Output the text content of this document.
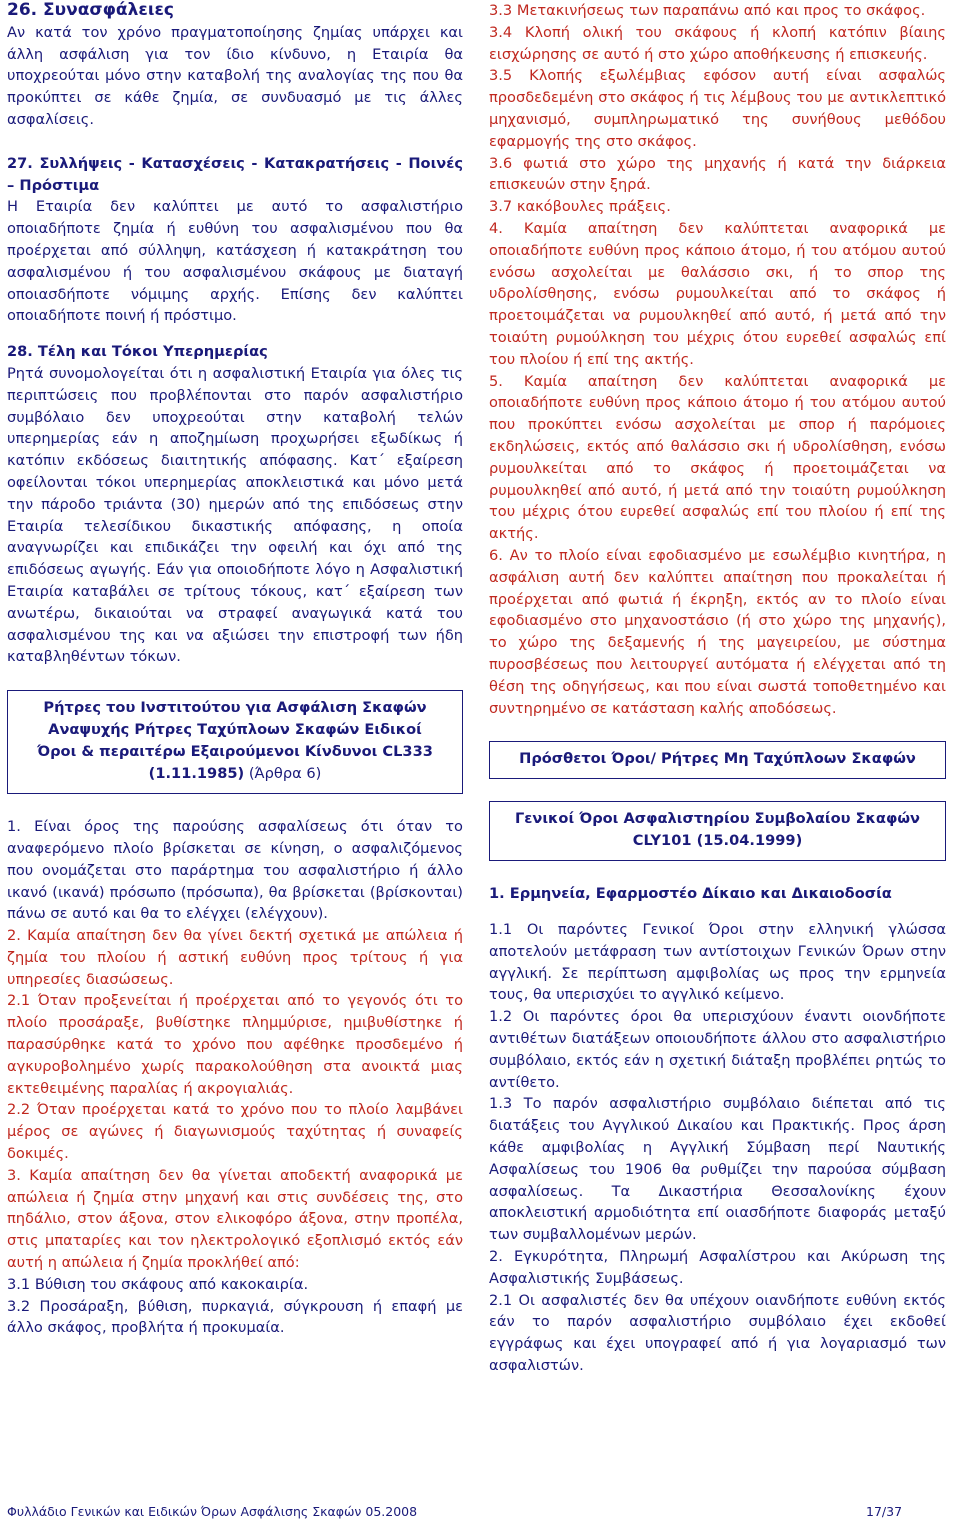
26. Συνασφάλειες

Αν κατά τον χρόνο πραγματοποίησης ζημίας υπάρχει και άλλη ασφάλιση για τον ίδιο κίνδυνο, η Εταιρία θα υποχρεούται μόνο στην καταβολή της αναλογίας της που θα προκύπτει σε κάθε ζημία, σε συνδυασμό με τις άλλες ασφαλίσεις.

27. Συλλήψεις - Κατασχέσεις - Κατακρατήσεις - Ποινές – Πρόστιμα

Η Εταιρία δεν καλύπτει με αυτό το ασφαλιστήριο οποιαδήποτε ζημία ή ευθύνη του ασφαλισμένου που θα προέρχεται από σύλληψη, κατάσχεση ή κατακράτηση του ασφαλισμένου ή του ασφαλισμένου σκάφους με διαταγή οποιασδήποτε νόμιμης αρχής. Επίσης δεν καλύπτει οποιαδήποτε ποινή ή πρόστιμο.

28. Τέλη και Τόκοι Υπερημερίας

Ρητά συνομολογείται ότι η ασφαλιστική Εταιρία για όλες τις περιπτώσεις που προβλέπονται στο παρόν ασφαλιστήριο συμβόλαιο δεν υποχρεούται στην καταβολή τελών υπερημερίας εάν η αποζημίωση προχωρήσει εξωδίκως ή κατόπιν εκδόσεως διαιτητικής απόφασης. Κατ΄ εξαίρεση οφείλονται τόκοι υπερημερίας αποκλειστικά και μόνο μετά την πάροδο τριάντα (30) ημερών από της επιδόσεως στην Εταιρία τελεσίδικου δικαστικής απόφασης, η οποία αναγνωρίζει και επιδικάζει την οφειλή και όχι από της επιδόσεως αγωγής. Εάν για οποιοδήποτε λόγο η Ασφαλιστική Εταιρία καταβάλει σε τρίτους τόκους, κατ΄ εξαίρεση των ανωτέρω, δικαιούται να στραφεί αναγωγικά κατά του ασφαλισμένου της και να αξιώσει την επιστροφή των ήδη καταβληθέντων τόκων.

Ρήτρες του Ινστιτούτου για Ασφάλιση Σκαφών
Αναψυχής Ρήτρες Ταχύπλοων Σκαφών Ειδικοί
Όροι & περαιτέρω Εξαιρούμενοι Κίνδυνοι CL333
(1.11.1985) (Άρθρα 6)

1. Είναι όρος της παρούσης ασφαλίσεως ότι όταν το αναφερόμενο πλοίο βρίσκεται σε κίνηση, ο ασφαλιζόμενος που ονομάζεται στο παράρτημα του ασφαλιστήριο ή άλλο ικανό (ικανά) πρόσωπο (πρόσωπα), θα βρίσκεται (βρίσκονται) πάνω σε αυτό και θα το ελέγχει (ελέγχουν).

2. Καμία απαίτηση δεν θα γίνει δεκτή σχετικά με απώλεια ή ζημία του πλοίου ή αστική ευθύνη προς τρίτους ή για υπηρεσίες διασώσεως.

2.1 Όταν προξενείται ή προέρχεται από το γεγονός ότι το πλοίο προσάραξε, βυθίστηκε πλημμύρισε, ημιβυθίστηκε ή παρασύρθηκε κατά το χρόνο που αφέθηκε προσδεμένο ή αγκυροβολημένο χωρίς παρακολούθηση στα ανοικτά μιας εκτεθειμένης παραλίας ή ακρογιαλιάς.

2.2 Όταν προέρχεται κατά το χρόνο που το πλοίο λαμβάνει μέρος σε αγώνες ή διαγωνισμούς ταχύτητας ή συναφείς δοκιμές.

3. Καμία απαίτηση δεν θα γίνεται αποδεκτή αναφορικά με απώλεια ή ζημία στην μηχανή και στις συνδέσεις της, στο πηδάλιο, στον άξονα, στον ελικοφόρο άξονα, στην προπέλα, στις μπαταρίες και τον ηλεκτρολογικό εξοπλισμό εκτός εάν αυτή η απώλεια ή ζημία προκλήθεί από:

3.1 Βύθιση του σκάφους από κακοκαιρία.

3.2 Προσάραξη, βύθιση, πυρκαγιά, σύγκρουση ή επαφή με άλλο σκάφος, προβλήτα ή προκυμαία.

3.3 Μετακινήσεως των παραπάνω από και προς το σκάφος.

3.4 Κλοπή ολική του σκάφους ή κλοπή κατόπιν βίαιης εισχώρησης σε αυτό ή στο χώρο αποθήκευσης ή επισκευής.

3.5 Κλοπής εξωλέμβιας εφόσον αυτή είναι ασφαλώς προσδεδεμένη στο σκάφος ή τις λέμβους του με αντικλεπτικό μηχανισμό, συμπληρωματικό της συνήθους μεθόδου εφαρμογής της στο σκάφος.

3.6 φωτιά στο χώρο της μηχανής ή κατά την διάρκεια επισκευών στην ξηρά.

3.7 κακόβουλες πράξεις.

4. Καμία απαίτηση δεν καλύπτεται αναφορικά με οποιαδήποτε ευθύνη προς κάποιο άτομο, ή του ατόμου αυτού ενόσω ασχολείται με θαλάσσιο σκι, ή το σπορ της υδρολίσθησης, ενόσω ρυμουλκείται από το σκάφος ή προετοιμάζεται να ρυμουλκηθεί από αυτό, ή μετά από την τοιαύτη ρυμούλκηση του μέχρις ότου ευρεθεί ασφαλώς επί του πλοίου ή επί της ακτής.

5. Καμία απαίτηση δεν καλύπτεται αναφορικά με οποιαδήποτε ευθύνη προς κάποιο άτομο ή του ατόμου αυτού που προκύπτει ενόσω ασχολείται με σπορ ή παρόμοιες εκδηλώσεις, εκτός από θαλάσσιο σκι ή υδρολίσθηση, ενόσω ρυμουλκείται από το σκάφος ή προετοιμάζεται να ρυμουλκηθεί από αυτό, ή μετά από την τοιαύτη ρυμούλκηση του μέχρις ότου ευρεθεί ασφαλώς επί του πλοίου ή επί της ακτής.

6. Αν το πλοίο είναι εφοδιασμένο με εσωλέμβιο κινητήρα, η ασφάλιση αυτή δεν καλύπτει απαίτηση που προκαλείται ή προέρχεται από φωτιά ή έκρηξη, εκτός αν το πλοίο είναι εφοδιασμένο στο μηχανοστάσιο (ή στο χώρο της μηχανής), το χώρο της δεξαμενής ή της μαγειρείου, με σύστημα πυροσβέσεως που λειτουργεί αυτόματα ή ελέγχεται από τη θέση της οδηγήσεως, και που είναι σωστά τοποθετημένο και συντηρημένο σε κατάσταση καλής αποδόσεως.

Πρόσθετοι Όροι/ Ρήτρες Μη Ταχύπλοων Σκαφών
Γενικοί Όροι Ασφαλιστηρίου Συμβολαίου Σκαφών
CLY101 (15.04.1999)

1. Ερμηνεία, Εφαρμοστέο Δίκαιο και Δικαιοδοσία

1.1 Οι παρόντες Γενικοί Όροι στην ελληνική γλώσσα αποτελούν μετάφραση των αντίστοιχων Γενικών Όρων στην αγγλική. Σε περίπτωση αμφιβολίας ως προς την ερμηνεία τους, θα υπερισχύει το αγγλικό κείμενο.

1.2 Οι παρόντες όροι θα υπερισχύουν έναντι οιονδήποτε αντιθέτων διατάξεων οποιουδήποτε άλλου στο ασφαλιστήριο συμβόλαιο, εκτός εάν η σχετική διάταξη προβλέπει ρητώς το αντίθετο.

1.3 Το παρόν ασφαλιστήριο συμβόλαιο διέπεται από τις διατάξεις του Αγγλικού Δικαίου και Πρακτικής. Προς άρση κάθε αμφιβολίας η Αγγλική Σύμβαση περί Ναυτικής Ασφαλίσεως του 1906 θα ρυθμίζει την παρούσα σύμβαση ασφαλίσεως. Τα Δικαστήρια Θεσσαλονίκης έχουν αποκλειστική αρμοδιότητα επί οιασδήποτε διαφοράς μεταξύ των συμβαλλομένων μερών.

2. Εγκυρότητα, Πληρωμή Ασφαλίστρου και Ακύρωση της Ασφαλιστικής Συμβάσεως.

2.1 Οι ασφαλιστές δεν θα υπέχουν οιανδήποτε ευθύνη εκτός εάν το παρόν ασφαλιστήριο συμβόλαιο έχει εκδοθεί εγγράφως και έχει υπογραφεί από ή για λογαριασμό των ασφαλιστών.

Φυλλάδιο Γενικών και Ειδικών Όρων Ασφάλισης Σκαφών 05.2008	17/37
